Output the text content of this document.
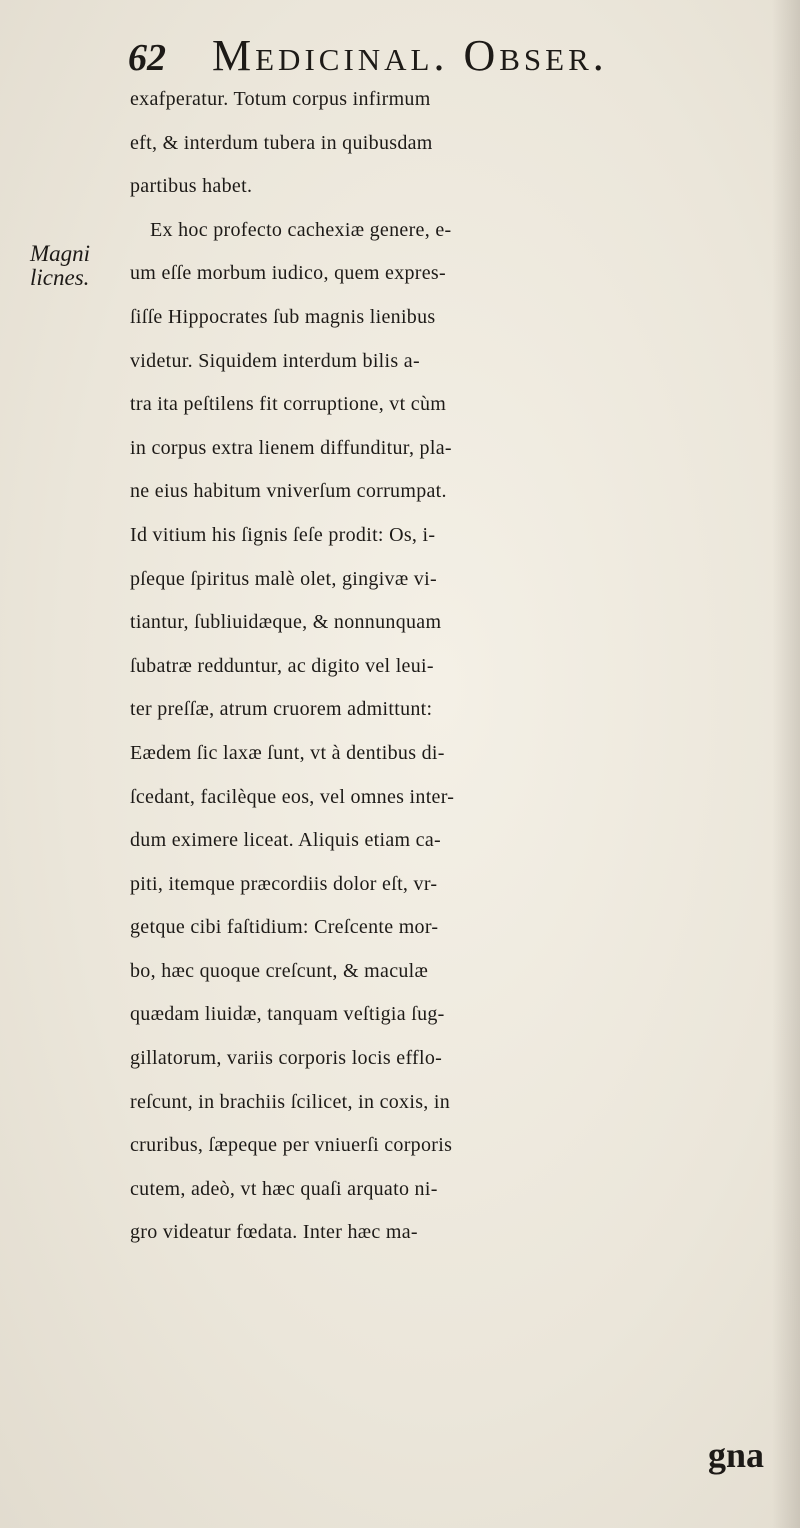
62 Medicinal. Obser.
Magni
licnes.
exafperatur. Totum corpus infirmum
eft, & interdum tubera in quibusdam
partibus habet.
Ex hoc profecto cachexiæ genere, e-
um eſſe morbum iudico, quem expres-
ſiſſe Hippocrates ſub magnis lienibus
videtur. Siquidem interdum bilis a-
tra ita peſtilens fit corruptione, vt cùm
in corpus extra lienem diffunditur, pla-
ne eius habitum vniverſum corrumpat.
Id vitium his ſignis ſeſe prodit: Os, i-
pſeque ſpiritus malè olet, gingivæ vi-
tiantur, ſubliuidæque, & nonnunquam
ſubatræ redduntur, ac digito vel leui-
ter preſſæ, atrum cruorem admittunt:
Eædem ſic laxæ ſunt, vt à dentibus di-
ſcedant, facilèque eos, vel omnes inter-
dum eximere liceat. Aliquis etiam ca-
piti, itemque præcordiis dolor eſt, vr-
getque cibi faſtidium: Creſcente mor-
bo, hæc quoque creſcunt, & maculæ
quædam liuidæ, tanquam veſtigia ſug-
gillatorum, variis corporis locis efflo-
reſcunt, in brachiis ſcilicet, in coxis, in
cruribus, ſæpeque per vniuerſi corporis
cutem, adeò, vt hæc quaſi arquato ni-
gro videatur fœdata. Inter hæc ma-
gna
